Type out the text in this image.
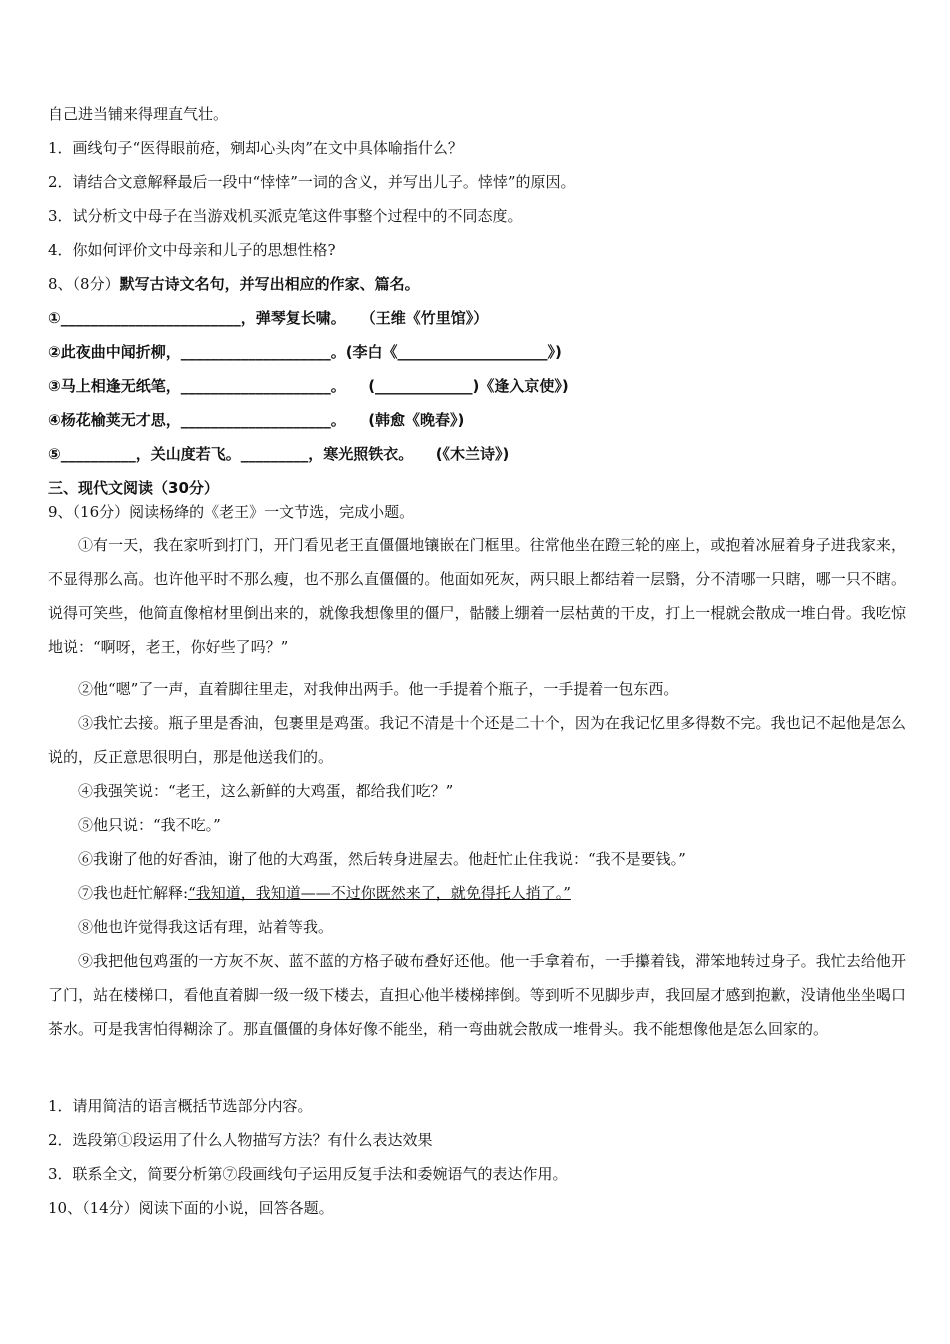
自己进当铺来得理直气壮。
1．画线句子“医得眼前疮，剜却心头肉”在文中具体喻指什么？
2．请结合文意解释最后一段中“悻悻”一词的含义，并写出儿子。悻悻”的原因。
3．试分析文中母子在当游戏机买派克笔这件事整个过程中的不同态度。
4．你如何评价文中母亲和儿子的思想性格?
8、（8分）默写古诗文名句，并写出相应的作家、篇名。
①________________________，弹琴复长啸。　　（王维《竹里馆》）
②此夜曲中闻折柳，____________________。(李白《____________________》)
③马上相逢无纸笔，____________________。　　(_____________)《逢入京使》)
④杨花榆荚无才思，____________________。　　(韩愈《晚春》)
⑤__________，关山度若飞。_________，寒光照铁衣。　　(《木兰诗》)
三、现代文阅读（30分）
9、（16分）阅读杨绛的《老王》一文节选，完成小题。
①有一天，我在家听到打门，开门看见老王直僵僵地镶嵌在门框里。往常他坐在蹬三轮的座上，或抱着冰屉着身子进我家来，不显得那么高。也许他平时不那么瘦，也不那么直僵僵的。他面如死灰，两只眼上都结着一层翳，分不清哪一只瞎，哪一只不瞎。说得可笑些，他简直像棺材里倒出来的，就像我想像里的僵尸，骷髅上绷着一层枯黄的干皮，打上一棍就会散成一堆白骨。我吃惊地说：“啊呀，老王，你好些了吗？”
②他“嗯”了一声，直着脚往里走，对我伸出两手。他一手提着个瓶子，一手提着一包东西。
③我忙去接。瓶子里是香油，包裹里是鸡蛋。我记不清是十个还是二十个，因为在我记忆里多得数不完。我也记不起他是怎么说的，反正意思很明白，那是他送我们的。
④我强笑说：“老王，这么新鲜的大鸡蛋，都给我们吃？”
⑤他只说：“我不吃。”
⑥我谢了他的好香油，谢了他的大鸡蛋，然后转身进屋去。他赶忙止住我说：“我不是要钱。”
⑦我也赶忙解释:“我知道，我知道——不过你既然来了，就免得托人捎了。”
⑧他也许觉得我这话有理，站着等我。
⑨我把他包鸡蛋的一方灰不灰、蓝不蓝的方格子破布叠好还他。他一手拿着布，一手攥着钱，滞笨地转过身子。我忙去给他开了门，站在楼梯口，看他直着脚一级一级下楼去，直担心他半楼梯摔倒。等到听不见脚步声，我回屋才感到抱歉，没请他坐坐喝口茶水。可是我害怕得糊涂了。那直僵僵的身体好像不能坐，稍一弯曲就会散成一堆骨头。我不能想像他是怎么回家的。
1．请用简洁的语言概括节选部分内容。
2．选段第①段运用了什么人物描写方法？有什么表达效果
3．联系全文，简要分析第⑦段画线句子运用反复手法和委婉语气的表达作用。
10、（14分）阅读下面的小说，回答各题。
